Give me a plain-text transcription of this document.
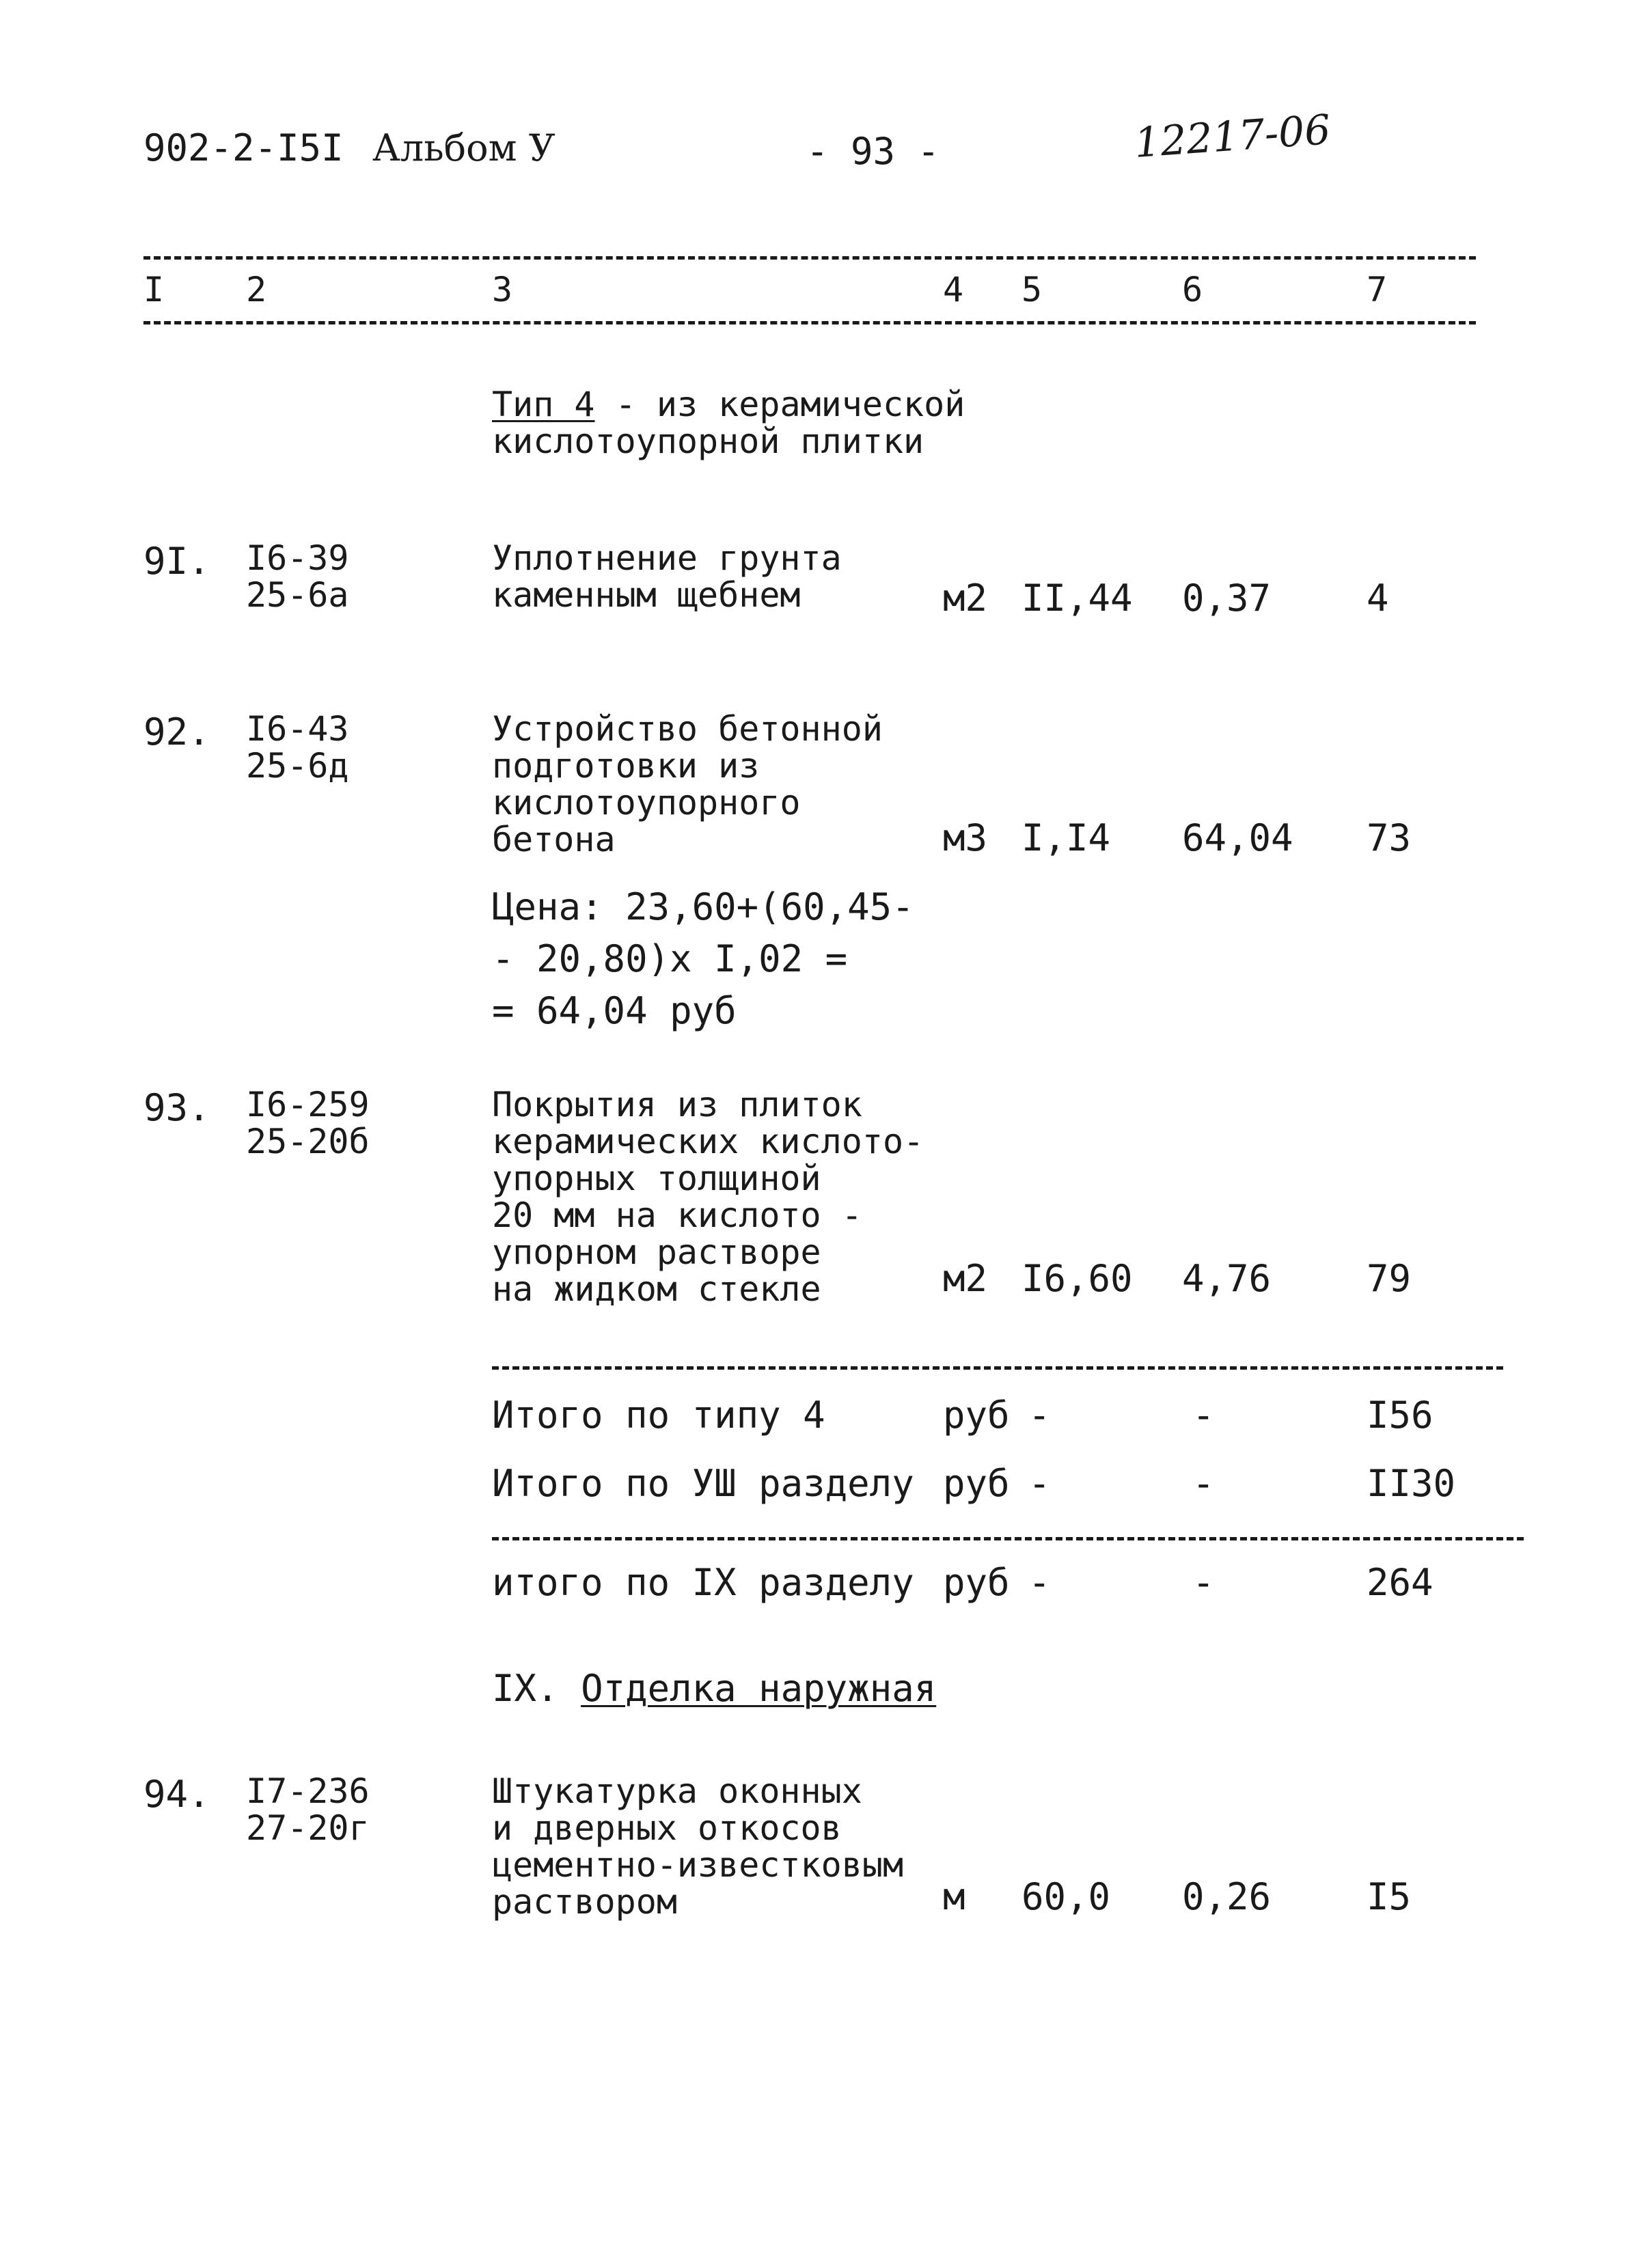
902-2-I5I Альбом У	- 93 -	12217-06
I 2	3	4 5	6	7
Тип 4 - из керамической
кислотоупорной плитки
9I. I6-39
25-6а
Уплотнение грунта
каменным щебнем	м2 II,44 0,37	4
92. I6-43
25-6д
Устройство бетонной
подготовки из
кислотоупорного
бетона	м3 I,I4 64,04 73
Цена: 23,60+(60,45-
- 20,80)х I,02 =
= 64,04 руб
93. I6-259
25-20б
Покрытия из плиток
керамических кислото-
упорных толщиной
20 мм на кислото -
упорном растворе
на жидком стекле	м2 I6,60 4,76	79
Итого по типу 4	руб -	-	I56
Итого по УШ разделу руб -	-	II30
итого по IX разделу руб -	-	264
IX. Отделка наружная
94. I7-236
27-20г
Штукатурка оконных
и дверных откосов
цементно-известковым
раствором	м 60,0 0,26	I5
